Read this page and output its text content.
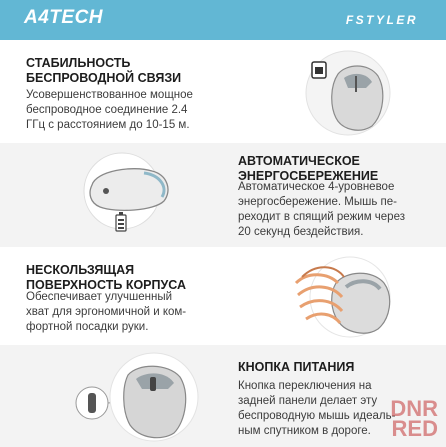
A4TECH	FSTYLER
СТАБИЛЬНОСТЬ
БЕСПРОВОДНОЙ СВЯЗИ
Усовершенствованное мощное
беспроводное соединение 2.4
ГГц с расстоянием до 10-15 м.
АВТОМАТИЧЕСКОЕ
ЭНЕРГОСБЕРЕЖЕНИЕ
Автоматическое 4-уровневое
энергосбережение. Мышь пе-
реходит в спящий режим через
20 секунд бездействия.
НЕСКОЛЬЗЯЩАЯ
ПОВЕРХНОСТЬ КОРПУСА
Обеспечивает улучшенный
хват для эргономичной и ком-
фортной посадки руки.
КНОПКА ПИТАНИЯ
Кнопка переключения на
задней панели делает эту
беспроводную мышь идеаль-
ным спутником в дороге.
DNR
RED
